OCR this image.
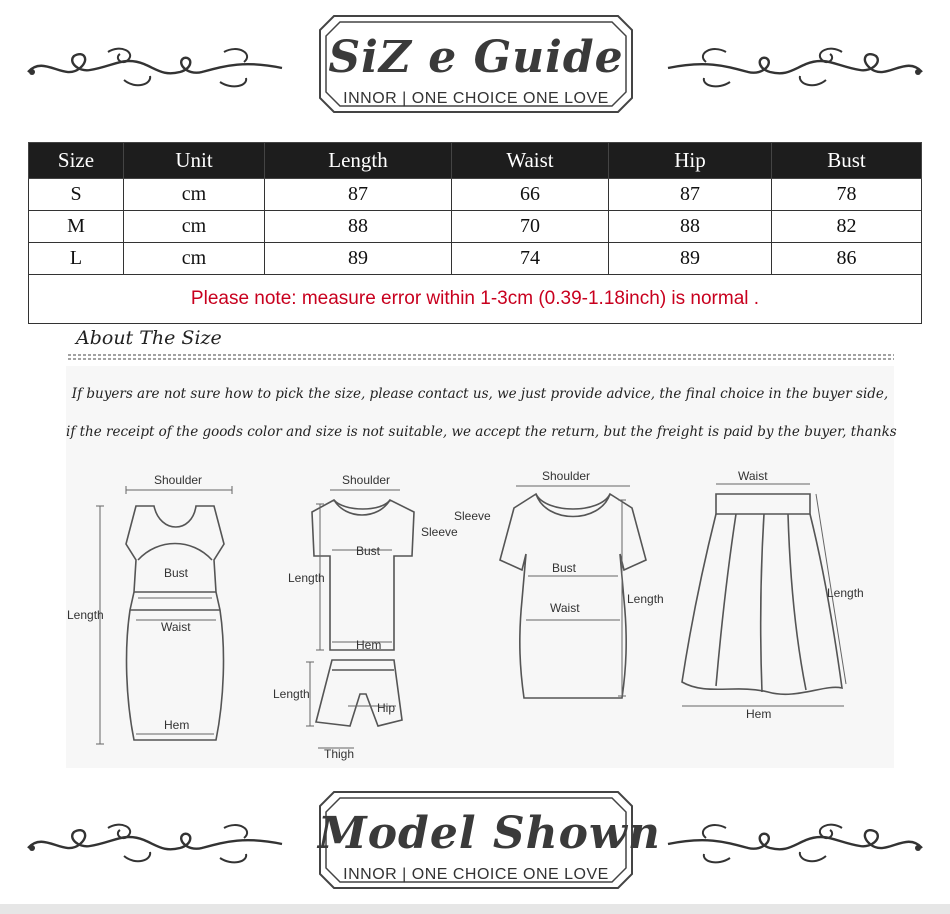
SiZ e Guide
INNOR | ONE CHOICE ONE LOVE
Size	Unit	Length	Waist	Hip	Bust
S	cm	87	66	87	78
M	cm	88	70	88	82
L	cm	89	74	89	86
Please note: measure error within 1-3cm (0.39-1.18inch) is normal .					
About The Size
If buyers are not sure how to pick the size, please contact us, we just provide advice, the final choice in the buyer side,
if the receipt of the goods color and size is not suitable, we accept the return, but the freight is paid by the buyer, thanks
Shoulder
Length
Bust
Waist
Hem
Shoulder
Sleeve
Bust
Length
Hem
Length
Hip
Thigh
Shoulder
Sleeve
Bust
Waist
Length
Waist
Length
Hem
Model Shown
INNOR | ONE CHOICE ONE LOVE
